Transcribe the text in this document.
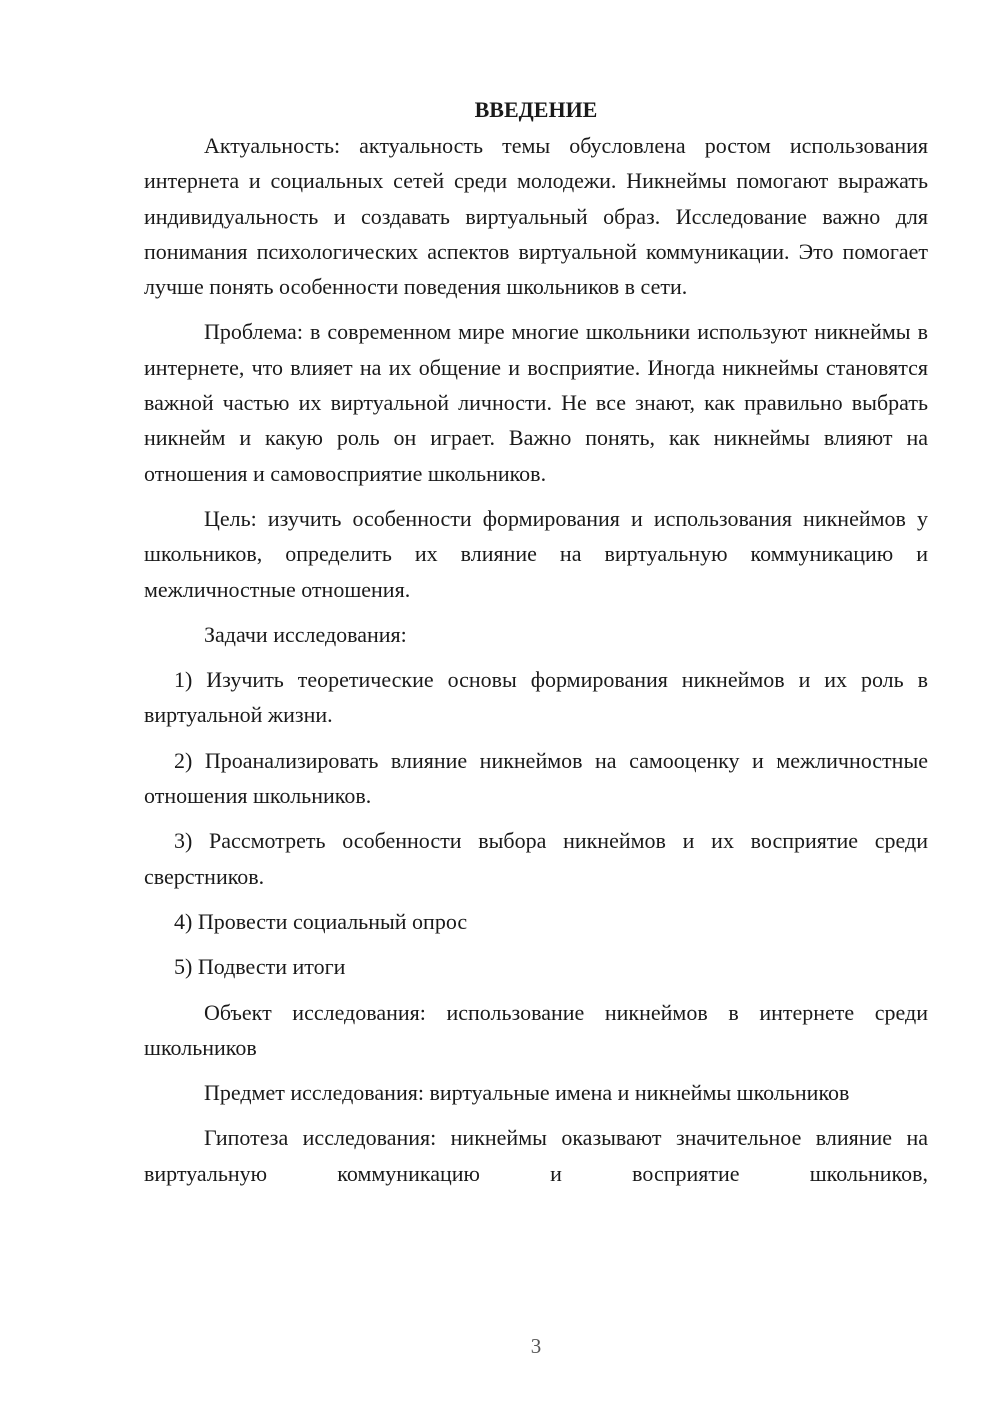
ВВЕДЕНИЕ

Актуальность: актуальность темы обусловлена ростом использования интернета и социальных сетей среди молодежи. Никнеймы помогают выражать индивидуальность и создавать виртуальный образ. Исследование важно для понимания психологических аспектов виртуальной коммуникации. Это помогает лучше понять особенности поведения школьников в сети.

Проблема: в современном мире многие школьники используют никнеймы в интернете, что влияет на их общение и восприятие. Иногда никнеймы становятся важной частью их виртуальной личности. Не все знают, как правильно выбрать никнейм и какую роль он играет. Важно понять, как никнеймы влияют на отношения и самовосприятие школьников.

Цель: изучить особенности формирования и использования никнеймов у школьников, определить их влияние на виртуальную коммуникацию и межличностные отношения.

Задачи исследования:

1) Изучить теоретические основы формирования никнеймов и их роль в виртуальной жизни.

2) Проанализировать влияние никнеймов на самооценку и межличностные отношения школьников.

3) Рассмотреть особенности выбора никнеймов и их восприятие среди сверстников.

4) Провести социальный опрос

5) Подвести итоги

Объект исследования: использование никнеймов в интернете среди школьников

Предмет исследования: виртуальные имена и никнеймы школьников

Гипотеза исследования: никнеймы оказывают значительное влияние на виртуальную коммуникацию и восприятие школьников,

3
